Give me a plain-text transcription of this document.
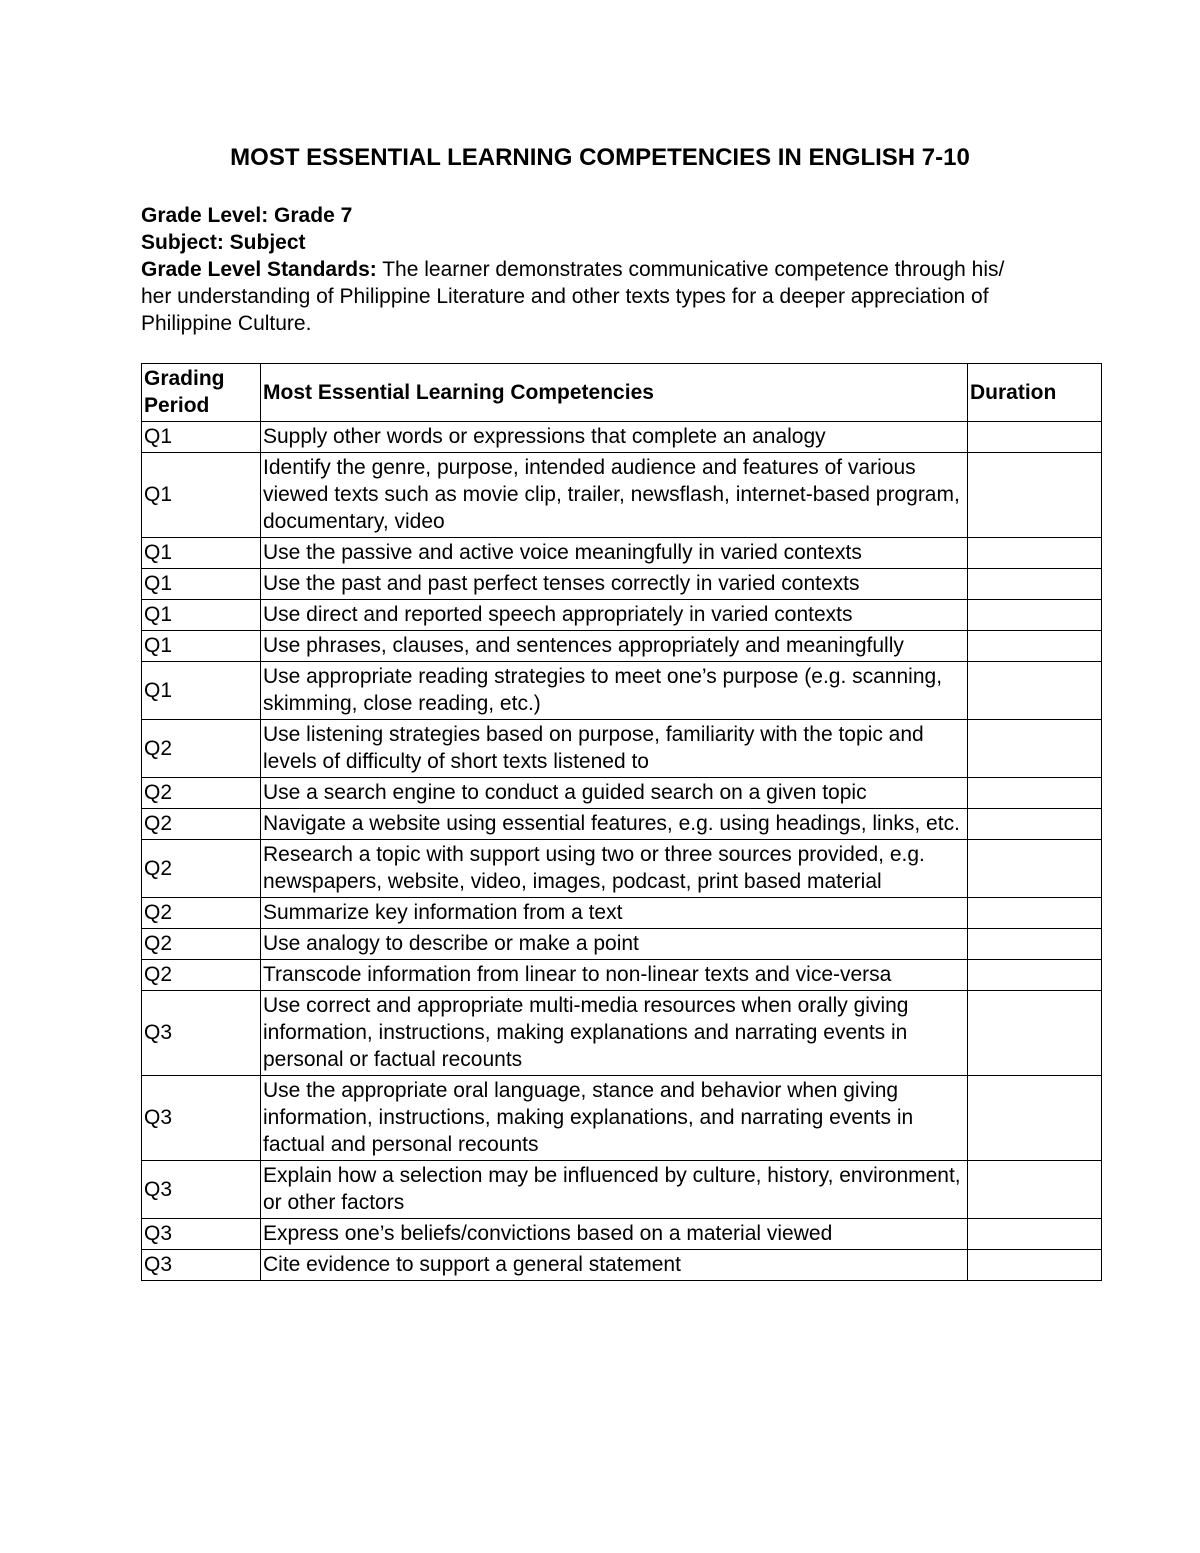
MOST ESSENTIAL LEARNING COMPETENCIES IN ENGLISH 7-10
Grade Level: Grade 7
Subject: Subject
Grade Level Standards: The learner demonstrates communicative competence through his/ her understanding of Philippine Literature and other texts types for a deeper appreciation of Philippine Culture.
Grading Period	Most Essential Learning Competencies	Duration
Q1	Supply other words or expressions that complete an analogy	
Q1	Identify the genre, purpose, intended audience and features of various viewed texts such as movie clip, trailer, newsflash, internet-based program, documentary, video	
Q1	Use the passive and active voice meaningfully in varied contexts	
Q1	Use the past and past perfect tenses correctly in varied contexts	
Q1	Use direct and reported speech appropriately in varied contexts	
Q1	Use phrases, clauses, and sentences appropriately and meaningfully	
Q1	Use appropriate reading strategies to meet one’s purpose (e.g. scanning, skimming, close reading, etc.)	
Q2	Use listening strategies based on purpose, familiarity with the topic and levels of difficulty of short texts listened to	
Q2	Use a search engine to conduct a guided search on a given topic	
Q2	Navigate a website using essential features, e.g. using headings, links, etc.	
Q2	Research a topic with support using two or three sources provided, e.g. newspapers, website, video, images, podcast, print based material	
Q2	Summarize key information from a text	
Q2	Use analogy to describe or make a point	
Q2	Transcode information from linear to non-linear texts and vice-versa	
Q3	Use correct and appropriate multi-media resources when orally giving information, instructions, making explanations and narrating events in personal or factual recounts	
Q3	Use the appropriate oral language, stance and behavior when giving information, instructions, making explanations, and narrating events in factual and personal recounts	
Q3	Explain how a selection may be influenced by culture, history, environment, or other factors	
Q3	Express one’s beliefs/convictions based on a material viewed	
Q3	Cite evidence to support a general statement	
